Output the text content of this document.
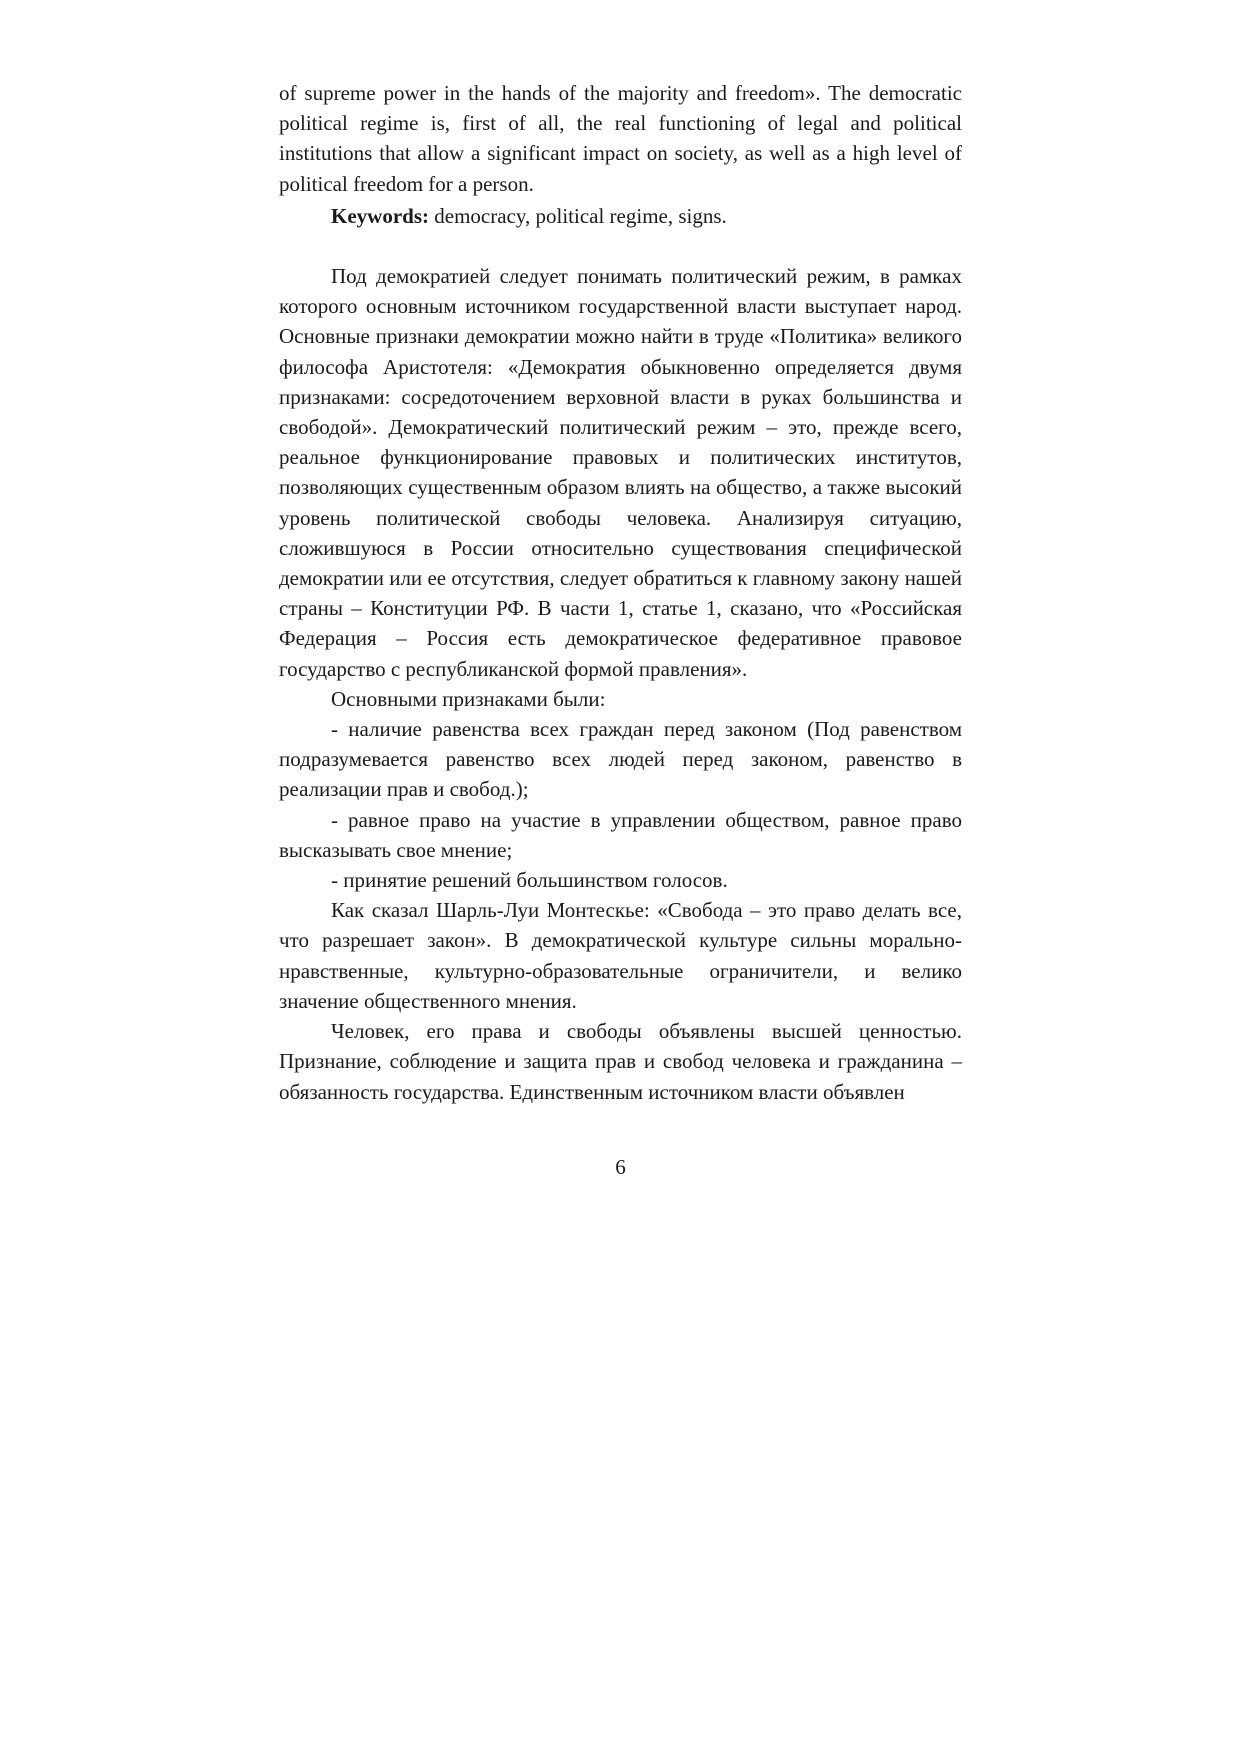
of supreme power in the hands of the majority and freedom». The democratic political regime is, first of all, the real functioning of legal and political institutions that allow a significant impact on society, as well as a high level of political freedom for a person.

Keywords: democracy, political regime, signs.

Под демократией следует понимать политический режим, в рамках которого основным источником государственной власти выступает народ. Основные признаки демократии можно найти в труде «Политика» великого философа Аристотеля: «Демократия обыкновенно определяется двумя признаками: сосредоточением верховной власти в руках большинства и свободой». Демократический политический режим – это, прежде всего, реальное функционирование правовых и политических институтов, позволяющих существенным образом влиять на общество, а также высокий уровень политической свободы человека. Анализируя ситуацию, сложившуюся в России относительно существования специфической демократии или ее отсутствия, следует обратиться к главному закону нашей страны – Конституции РФ. В части 1, статье 1, сказано, что «Российская Федерация – Россия есть демократическое федеративное правовое государство с республиканской формой правления».

Основными признаками были:

- наличие равенства всех граждан перед законом (Под равенством подразумевается равенство всех людей перед законом, равенство в реализации прав и свобод.);

- равное право на участие в управлении обществом, равное право высказывать свое мнение;

- принятие решений большинством голосов.

Как сказал Шарль-Луи Монтескье: «Свобода – это право делать все, что разрешает закон». В демократической культуре сильны морально-нравственные, культурно-образовательные ограничители, и велико значение общественного мнения.

Человек, его права и свободы объявлены высшей ценностью. Признание, соблюдение и защита прав и свобод человека и гражданина – обязанность государства. Единственным источником власти объявлен

6
